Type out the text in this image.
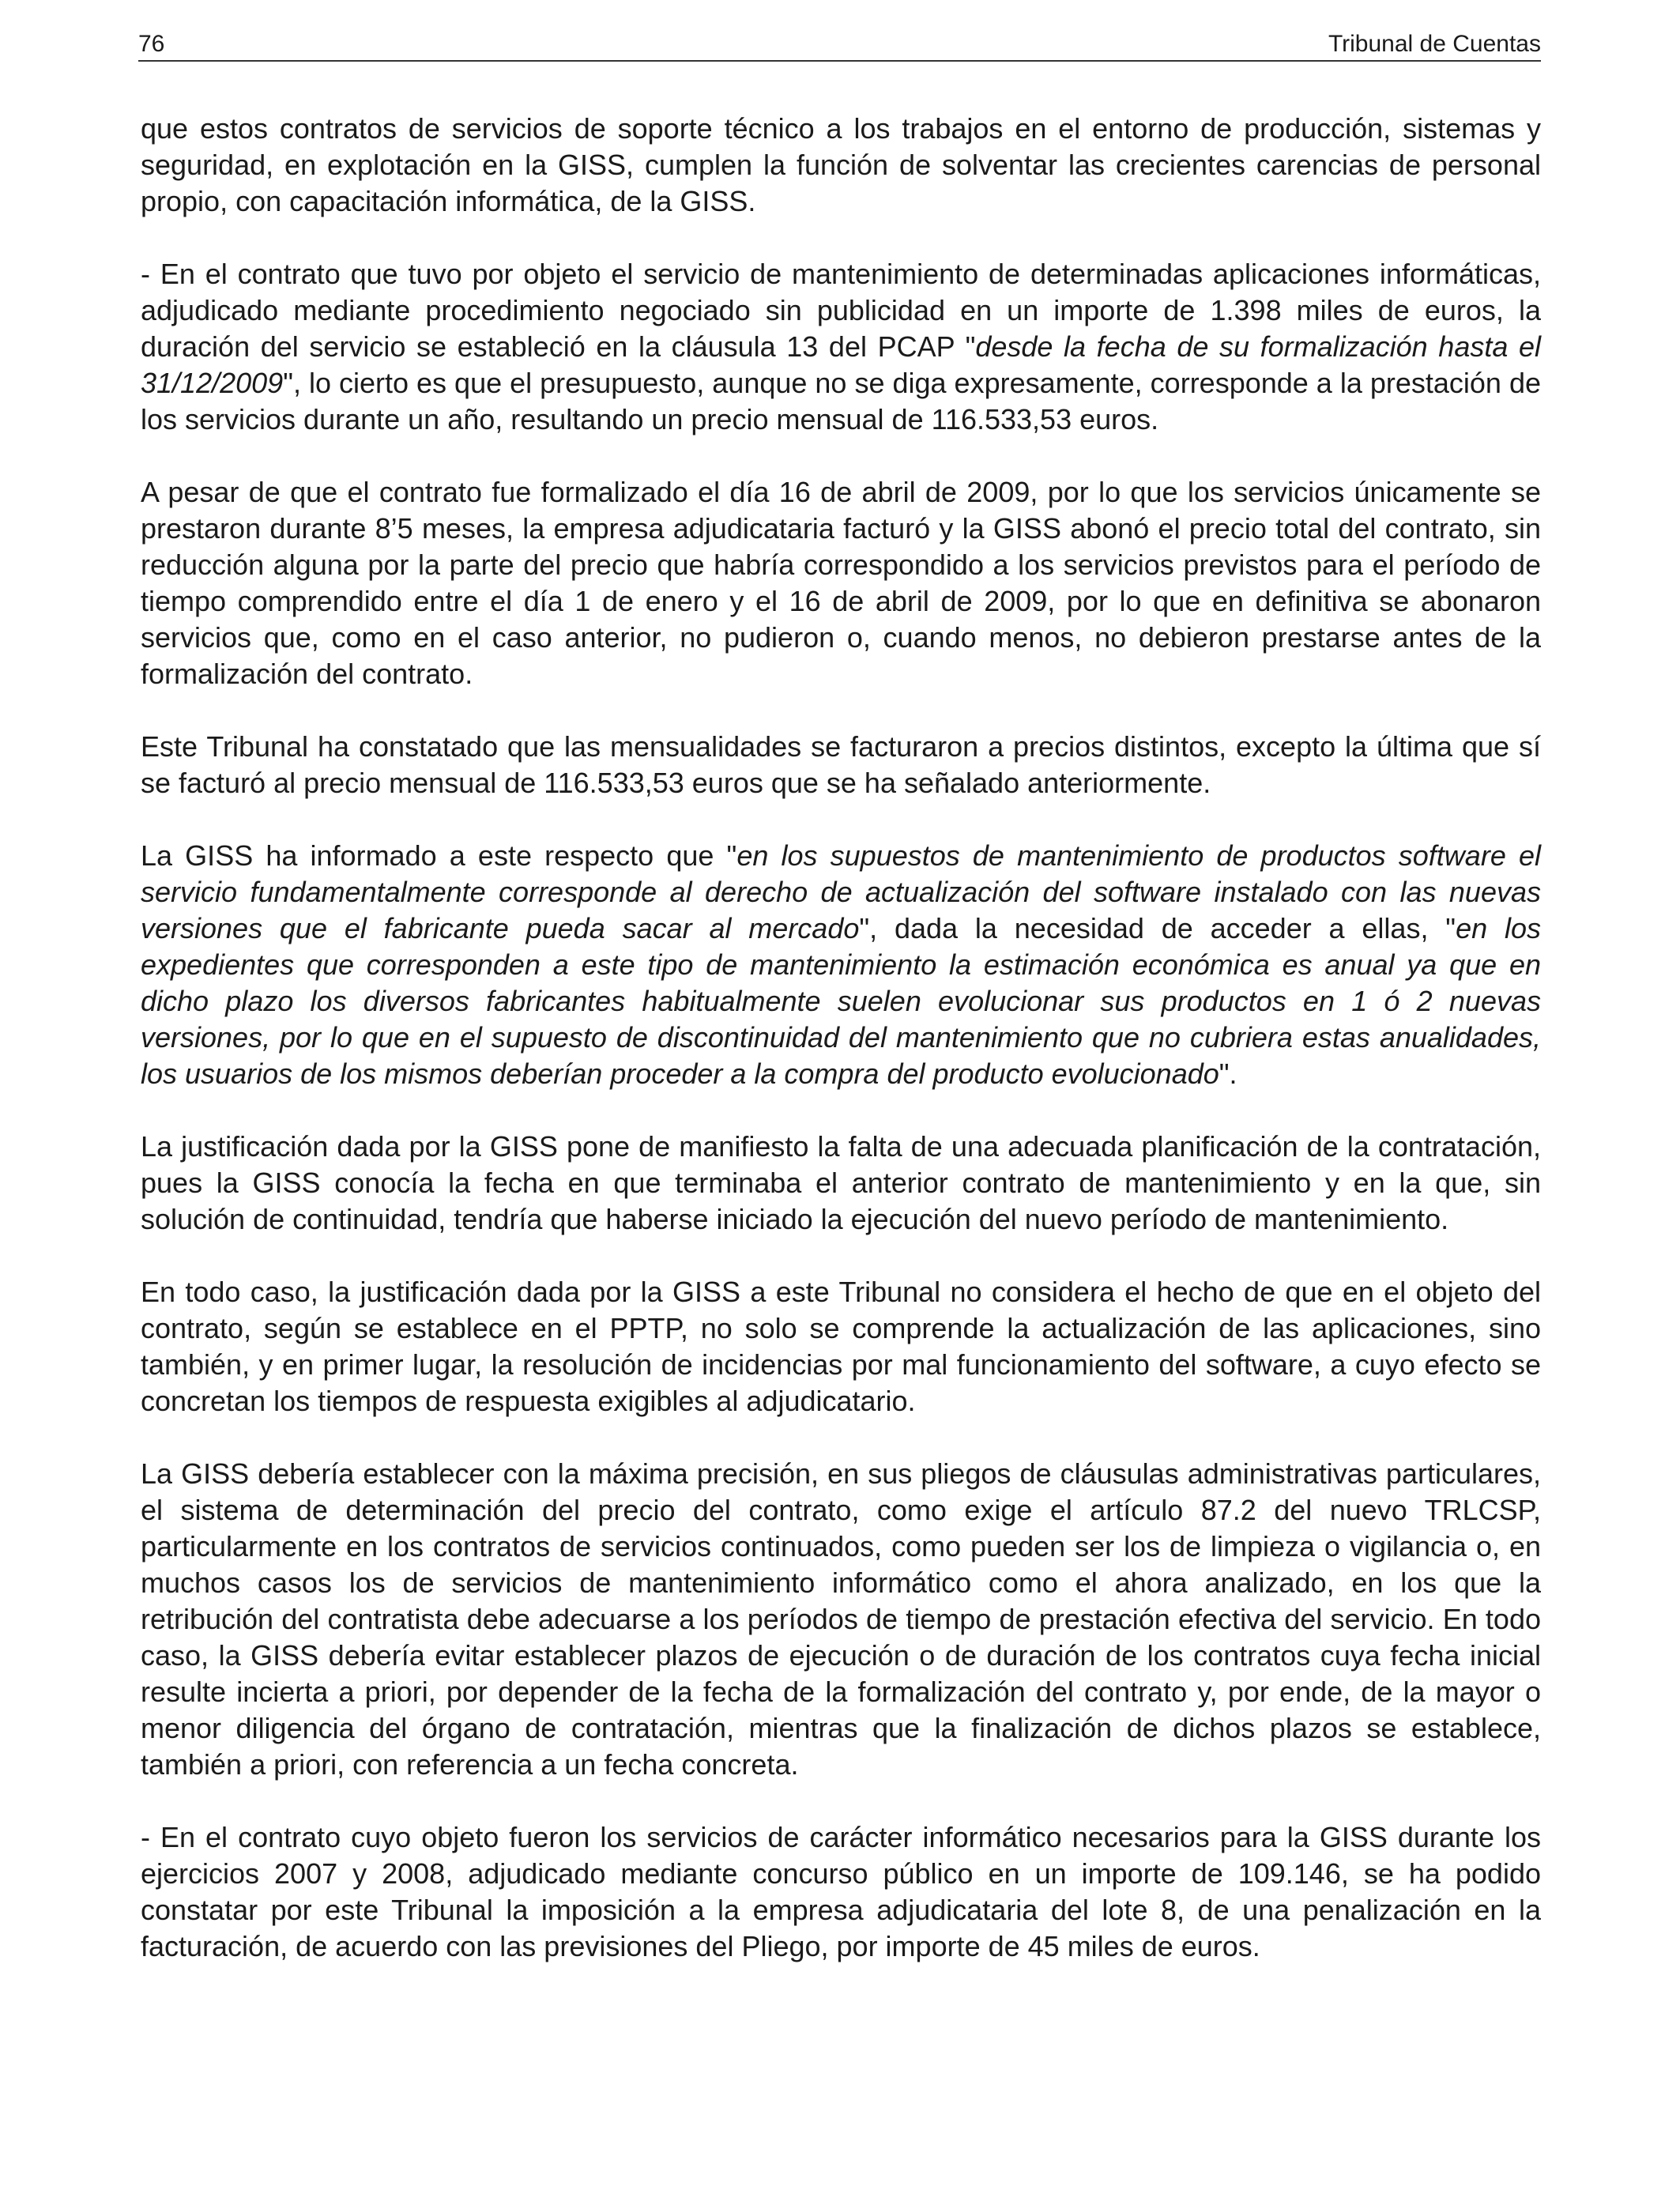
76	Tribunal de Cuentas

que estos contratos de servicios de soporte técnico a los trabajos en el entorno de producción, sistemas y seguridad, en explotación en la GISS, cumplen la función de solventar las crecientes carencias de personal propio, con capacitación informática, de la GISS.

- En el contrato que tuvo por objeto el servicio de mantenimiento de determinadas aplicaciones informáticas, adjudicado mediante procedimiento negociado sin publicidad en un importe de 1.398 miles de euros, la duración del servicio se estableció en la cláusula 13 del PCAP "desde la fecha de su formalización hasta el 31/12/2009", lo cierto es que el presupuesto, aunque no se diga expresamente, corresponde a la prestación de los servicios durante un año, resultando un precio mensual de 116.533,53 euros.

A pesar de que el contrato fue formalizado el día 16 de abril de 2009, por lo que los servicios únicamente se prestaron durante 8’5 meses, la empresa adjudicataria facturó y la GISS abonó el precio total del contrato, sin reducción alguna por la parte del precio que habría correspondido a los servicios previstos para el período de tiempo comprendido entre el día 1 de enero y el 16 de abril de 2009, por lo que en definitiva se abonaron servicios que, como en el caso anterior, no pudieron o, cuando menos, no debieron prestarse antes de la formalización del contrato.

Este Tribunal ha constatado que las mensualidades se facturaron a precios distintos, excepto la última que sí se facturó al precio mensual de 116.533,53 euros que se ha señalado anteriormente.

La GISS ha informado a este respecto que "en los supuestos de mantenimiento de productos software el servicio fundamentalmente corresponde al derecho de actualización del software instalado con las nuevas versiones que el fabricante pueda sacar al mercado", dada la necesidad de acceder a ellas, "en los expedientes que corresponden a este tipo de mantenimiento la estimación económica es anual ya que en dicho plazo los diversos fabricantes habitualmente suelen evolucionar sus productos en 1 ó 2 nuevas versiones, por lo que en el supuesto de discontinuidad del mantenimiento que no cubriera estas anualidades, los usuarios de los mismos deberían proceder a la compra del producto evolucionado".

La justificación dada por la GISS pone de manifiesto la falta de una adecuada planificación de la contratación, pues la GISS conocía la fecha en que terminaba el anterior contrato de mantenimiento y en la que, sin solución de continuidad, tendría que haberse iniciado la ejecución del nuevo período de mantenimiento.

En todo caso, la justificación dada por la GISS a este Tribunal no considera el hecho de que en el objeto del contrato, según se establece en el PPTP, no solo se comprende la actualización de las aplicaciones, sino también, y en primer lugar, la resolución de incidencias por mal funcionamiento del software, a cuyo efecto se concretan los tiempos de respuesta exigibles al adjudicatario.

La GISS debería establecer con la máxima precisión, en sus pliegos de cláusulas administrativas particulares, el sistema de determinación del precio del contrato, como exige el artículo 87.2 del nuevo TRLCSP, particularmente en los contratos de servicios continuados, como pueden ser los de limpieza o vigilancia o, en muchos casos los de servicios de mantenimiento informático como el ahora analizado, en los que la retribución del contratista debe adecuarse a los períodos de tiempo de prestación efectiva del servicio. En todo caso, la GISS debería evitar establecer plazos de ejecución o de duración de los contratos cuya fecha inicial resulte incierta a priori, por depender de la fecha de la formalización del contrato y, por ende, de la mayor o menor diligencia del órgano de contratación, mientras que la finalización de dichos plazos se establece, también a priori, con referencia a un fecha concreta.

- En el contrato cuyo objeto fueron los servicios de carácter informático necesarios para la GISS durante los ejercicios 2007 y 2008, adjudicado mediante concurso público en un importe de 109.146, se ha podido constatar por este Tribunal la imposición a la empresa adjudicataria del lote 8, de una penalización en la facturación, de acuerdo con las previsiones del Pliego, por importe de 45 miles de euros.
